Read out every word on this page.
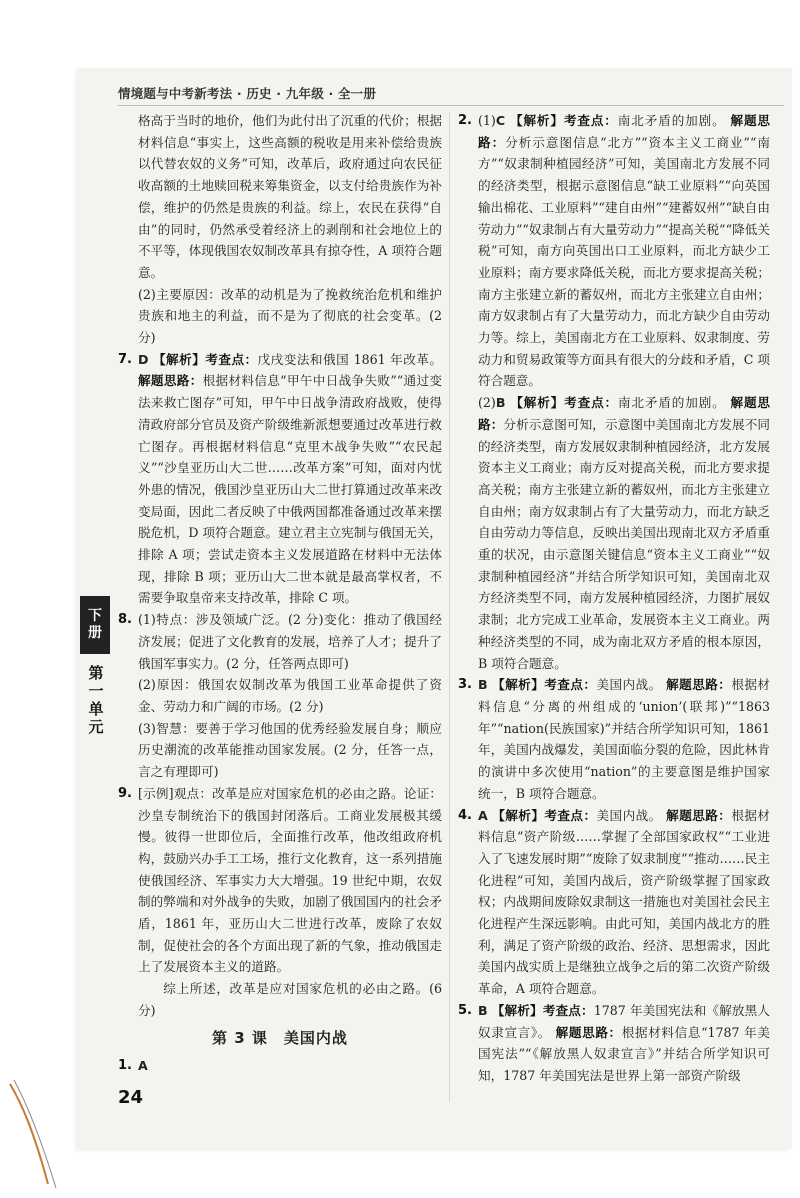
情境题与中考新考法 · 历史 · 九年级 · 全一册
下
册
第
一
单
元

格高于当时的地价，他们为此付出了沉重的代价；根据材料信息“事实上，这些高额的税收是用来补偿给贵族以代替农奴的义务”可知，改革后，政府通过向农民征收高额的土地赎回税来筹集资金，以支付给贵族作为补偿，维护的仍然是贵族的利益。综上，农民在获得“自由”的同时，仍然承受着经济上的剥削和社会地位上的不平等，体现俄国农奴制改革具有掠夺性，A 项符合题意。

(2)主要原因：改革的动机是为了挽救统治危机和维护贵族和地主的利益，而不是为了彻底的社会变革。(2 分)

7. D 【解析】考查点：戊戌变法和俄国 1861 年改革。 解题思路：根据材料信息“甲午中日战争失败”“通过变法来救亡图存”可知，甲午中日战争清政府战败，使得清政府部分官员及资产阶级维新派想要通过改革进行救亡图存。再根据材料信息“克里木战争失败”“农民起义”“沙皇亚历山大二世……改革方案”可知，面对内忧外患的情况，俄国沙皇亚历山大二世打算通过改革来改变局面，因此二者反映了中俄两国都准备通过改革来摆脱危机，D 项符合题意。建立君主立宪制与俄国无关，排除 A 项；尝试走资本主义发展道路在材料中无法体现，排除 B 项；亚历山大二世本就是最高掌权者，不需要争取皇帝来支持改革，排除 C 项。
8. (1)特点：涉及领域广泛。(2 分)变化：推动了俄国经济发展；促进了文化教育的发展，培养了人才；提升了俄国军事实力。(2 分，任答两点即可)

(2)原因：俄国农奴制改革为俄国工业革命提供了资金、劳动力和广阔的市场。(2 分)

(3)智慧：要善于学习他国的优秀经验发展自身；顺应历史潮流的改革能推动国家发展。(2 分，任答一点，言之有理即可)

9. [示例]观点：改革是应对国家危机的必由之路。论证：沙皇专制统治下的俄国封闭落后。工商业发展极其缓慢。彼得一世即位后，全面推行改革，他改组政府机构，鼓励兴办手工工场，推行文化教育，这一系列措施使俄国经济、军事实力大大增强。19 世纪中期，农奴制的弊端和对外战争的失败，加剧了俄国国内的社会矛盾，1861 年，亚历山大二世进行改革，废除了农奴制，促使社会的各个方面出现了新的气象，推动俄国走上了发展资本主义的道路。

综上所述，改革是应对国家危机的必由之路。(6 分)

第 3 课　美国内战
1. A
2. (1)C 【解析】考查点：南北矛盾的加剧。 解题思路：分析示意图信息“北方”“资本主义工商业”“南方”“奴隶制种植园经济”可知，美国南北方发展不同的经济类型，根据示意图信息“缺工业原料”“向英国输出棉花、工业原料”“建自由州”“建蓄奴州”“缺自由劳动力”“奴隶制占有大量劳动力”“提高关税”“降低关税”可知，南方向英国出口工业原料，而北方缺少工业原料；南方要求降低关税，而北方要求提高关税；南方主张建立新的蓄奴州，而北方主张建立自由州；南方奴隶制占有了大量劳动力，而北方缺少自由劳动力等。综上，美国南北方在工业原料、奴隶制度、劳动力和贸易政策等方面具有很大的分歧和矛盾，C 项符合题意。
(2)B 【解析】考查点：南北矛盾的加剧。 解题思路：分析示意图可知，示意图中美国南北方发展不同的经济类型，南方发展奴隶制种植园经济，北方发展资本主义工商业；南方反对提高关税，而北方要求提高关税；南方主张建立新的蓄奴州，而北方主张建立自由州；南方奴隶制占有了大量劳动力，而北方缺乏自由劳动力等信息，反映出美国出现南北双方矛盾重重的状况，由示意图关键信息“资本主义工商业”“奴隶制种植园经济”并结合所学知识可知，美国南北双方经济类型不同，南方发展种植园经济，力图扩展奴隶制；北方完成工业革命，发展资本主义工商业。两种经济类型的不同，成为南北双方矛盾的根本原因，B 项符合题意。
3. B 【解析】考查点：美国内战。 解题思路：根据材料信息“分离的州组成的‘union’(联邦)”“1863 年”“nation(民族国家)”并结合所学知识可知，1861 年，美国内战爆发，美国面临分裂的危险，因此林肯的演讲中多次使用“nation”的主要意图是维护国家统一，B 项符合题意。
4. A 【解析】考查点：美国内战。 解题思路：根据材料信息“资产阶级……掌握了全部国家政权”“工业进入了飞速发展时期”“废除了奴隶制度”“推动……民主化进程”可知，美国内战后，资产阶级掌握了国家政权；内战期间废除奴隶制这一措施也对美国社会民主化进程产生深远影响。由此可知，美国内战北方的胜利，满足了资产阶级的政治、经济、思想需求，因此美国内战实质上是继独立战争之后的第二次资产阶级革命，A 项符合题意。
5. B 【解析】考查点：1787 年美国宪法和《解放黑人奴隶宣言》。 解题思路：根据材料信息“1787 年美国宪法”“《解放黑人奴隶宣言》”并结合所学知识可知，1787 年美国宪法是世界上第一部资产阶级
24
